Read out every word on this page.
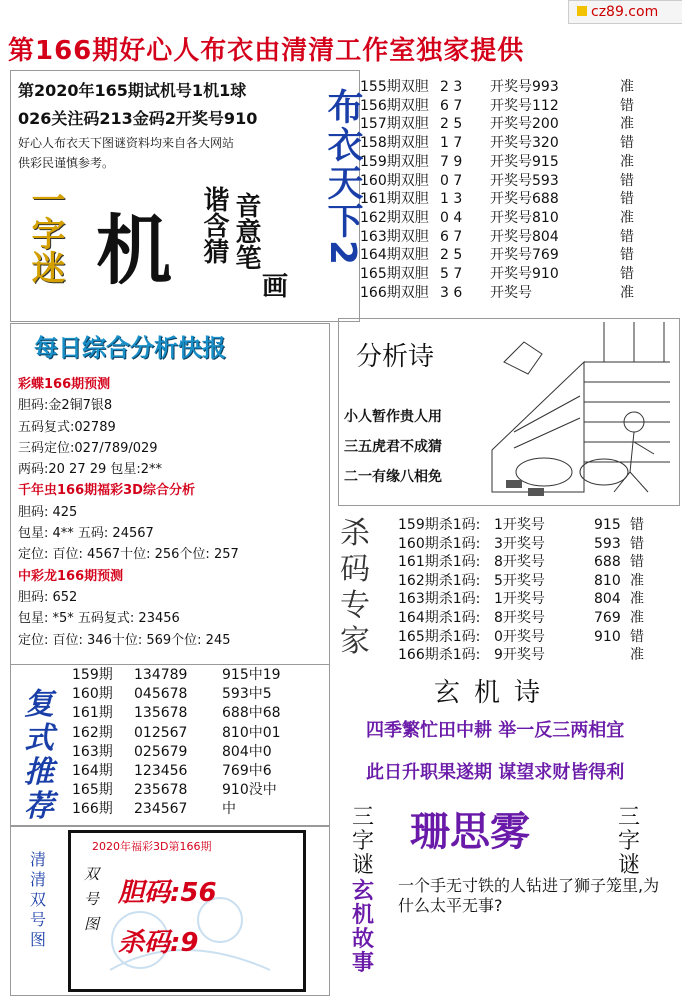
cz89.com
第166期好心人布衣由清清工作室独家提供
第2020年165期试机号1机1球
026关注码213金码2开奖号910
好心人布衣天下图谜资料均来自各大网站
供彩民谨慎参考。
一字迷 机 谐含猜 音意笔
画
布衣天下2
155期双胆 2 3 开奖号993	准
156期双胆 6 7 开奖号112	错
157期双胆 2 5 开奖号200	准
158期双胆 1 7 开奖号320	错
159期双胆 7 9 开奖号915	准
160期双胆 0 7 开奖号593	错
161期双胆 1 3 开奖号688	错
162期双胆 0 4 开奖号810	准
163期双胆 6 7 开奖号804	错
164期双胆 2 5 开奖号769	错
165期双胆 5 7 开奖号910	错
166期双胆 3 6 开奖号	准
每日综合分析快报
彩蝶166期预测
胆码:金2铜7银8
五码复式:02789
三码定位:027/789/029
两码:20 27 29 包星:2**
千年虫166期福彩3D综合分析
胆码: 425
包星: 4** 五码: 24567
定位: 百位: 4567十位: 256个位: 257
中彩龙166期预测
胆码: 652
包星: *5* 五码复式: 23456
定位: 百位: 346十位: 569个位: 245
分析诗
小人暂作贵人用
三五虎君不成猜
二一有缘八相免
杀码专家
159期杀1码: 1开奖号	915 错
160期杀1码: 3开奖号	593 错
161期杀1码: 8开奖号	688 错
162期杀1码: 5开奖号	810 准
163期杀1码: 1开奖号	804 准
164期杀1码: 8开奖号	769 准
165期杀1码: 0开奖号	910 错
166期杀1码: 9开奖号	准
复式推荐
159期 134789 915中19
160期 045678 593中5
161期 135678 688中68
162期 012567 810中01
163期 025679 804中0
164期 123456 769中6
165期 235678 910没中
166期 234567 中
玄机诗
四季繁忙田中耕 举一反三两相宜
此日升职果遂期 谋望求财皆得利
清清双号图
2020年福彩3D第166期
双号图
胆码:56
杀码:9
三字谜
珊思雾	三字谜
玄机故事
一个手无寸铁的人钻进了狮子笼里,为什么太平无事?
